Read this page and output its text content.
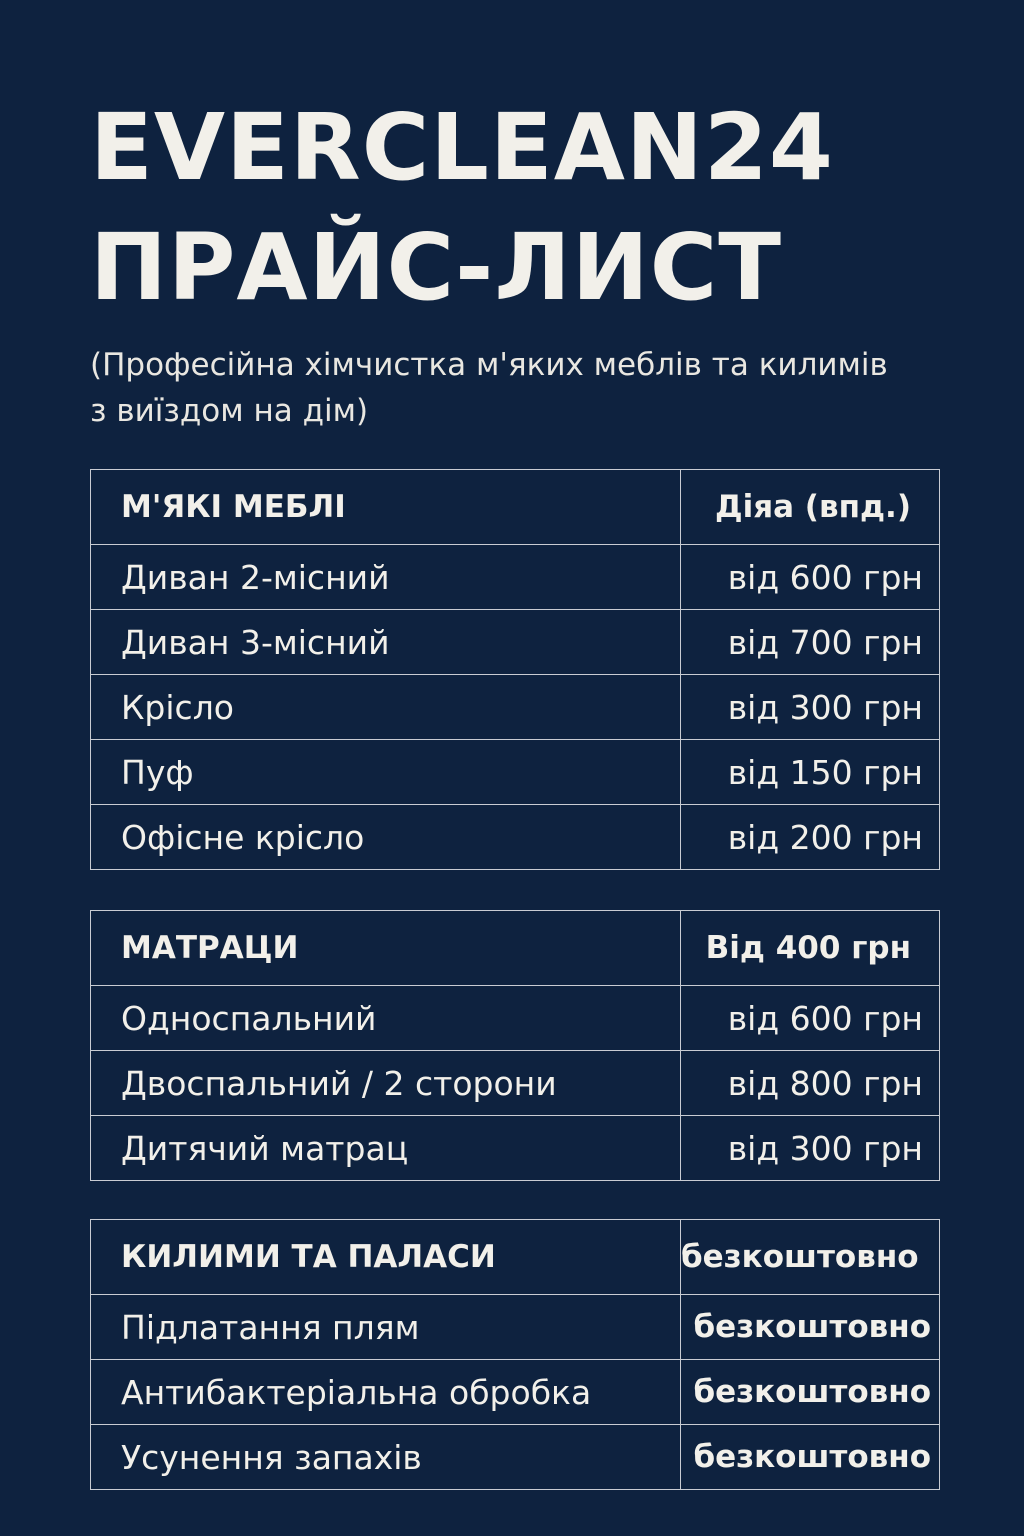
EVERCLEAN24
ПРАЙС-ЛИСТ
(Професійна хімчистка м'яких меблів та килимів
з виїздом на дім)
М'ЯКІ МЕБЛІ	Діяа (впд.)
Диван 2-місний	від 600 грн
Диван 3-місний	від 700 грн
Крісло	від 300 грн
Пуф	від 150 грн
Офісне крісло	від 200 грн
МАТРАЦИ	Від 400 грн
Односпальний	від 600 грн
Двоспальний / 2 сторони	від 800 грн
Дитячий матрац	від 300 грн
КИЛИМИ ТА ПАЛАСИ	безкоштовно
Підлатання плям	безкоштовно
Антибактеріальна обробка	безкоштовно
Усунення запахів	безкоштовно
